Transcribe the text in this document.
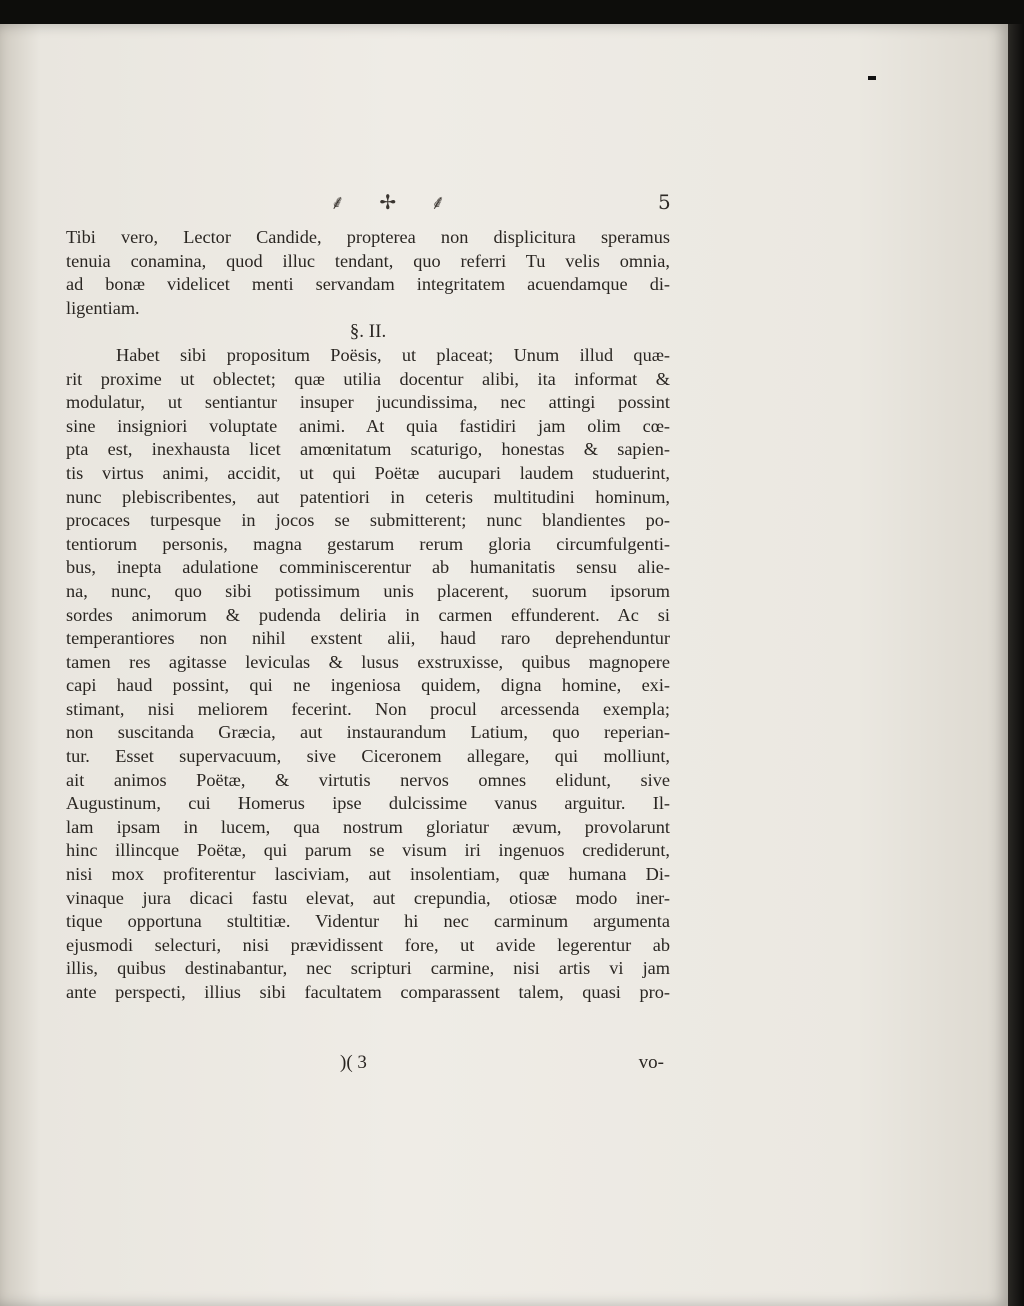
⸙ ✢ ⸙	5

Tibi vero, Lector Candide, propterea non displicitura speramus
tenuia conamina, quod illuc tendant, quo referri Tu velis omnia,
ad bonæ videlicet menti servandam integritatem acuendamque di-
ligentiam.

§. II.

Habet sibi propositum Poësis, ut placeat; Unum illud quæ-
rit proxime ut oblectet; quæ utilia docentur alibi, ita informat &
modulatur, ut sentiantur insuper jucundissima, nec attingi possint
sine insigniori voluptate animi. At quia fastidiri jam olim cœ-
pta est, inexhausta licet amœnitatum scaturigo, honestas & sapien-
tis virtus animi, accidit, ut qui Poëtæ aucupari laudem studuerint,
nunc plebiscribentes, aut patentiori in ceteris multitudini hominum,
procaces turpesque in jocos se submitterent; nunc blandientes po-
tentiorum personis, magna gestarum rerum gloria circumfulgenti-
bus, inepta adulatione comminiscerentur ab humanitatis sensu alie-
na, nunc, quo sibi potissimum unis placerent, suorum ipsorum
sordes animorum & pudenda deliria in carmen effunderent. Ac si
temperantiores non nihil exstent alii, haud raro deprehenduntur
tamen res agitasse leviculas & lusus exstruxisse, quibus magnopere
capi haud possint, qui ne ingeniosa quidem, digna homine, exi-
stimant, nisi meliorem fecerint. Non procul arcessenda exempla;
non suscitanda Græcia, aut instaurandum Latium, quo reperian-
tur. Esset supervacuum, sive Ciceronem allegare, qui molliunt,
ait animos Poëtæ, & virtutis nervos omnes elidunt, sive
Augustinum, cui Homerus ipse dulcissime vanus arguitur. Il-
lam ipsam in lucem, qua nostrum gloriatur ævum, provolarunt
hinc illincque Poëtæ, qui parum se visum iri ingenuos crediderunt,
nisi mox profiterentur lasciviam, aut insolentiam, quæ humana Di-
vinaque jura dicaci fastu elevat, aut crepundia, otiosæ modo iner-
tique opportuna stultitiæ. Videntur hi nec carminum argumenta
ejusmodi selecturi, nisi prævidissent fore, ut avide legerentur ab
illis, quibus destinabantur, nec scripturi carmine, nisi artis vi jam
ante perspecti, illius sibi facultatem comparassent talem, quasi pro-

)( 3	vo-
